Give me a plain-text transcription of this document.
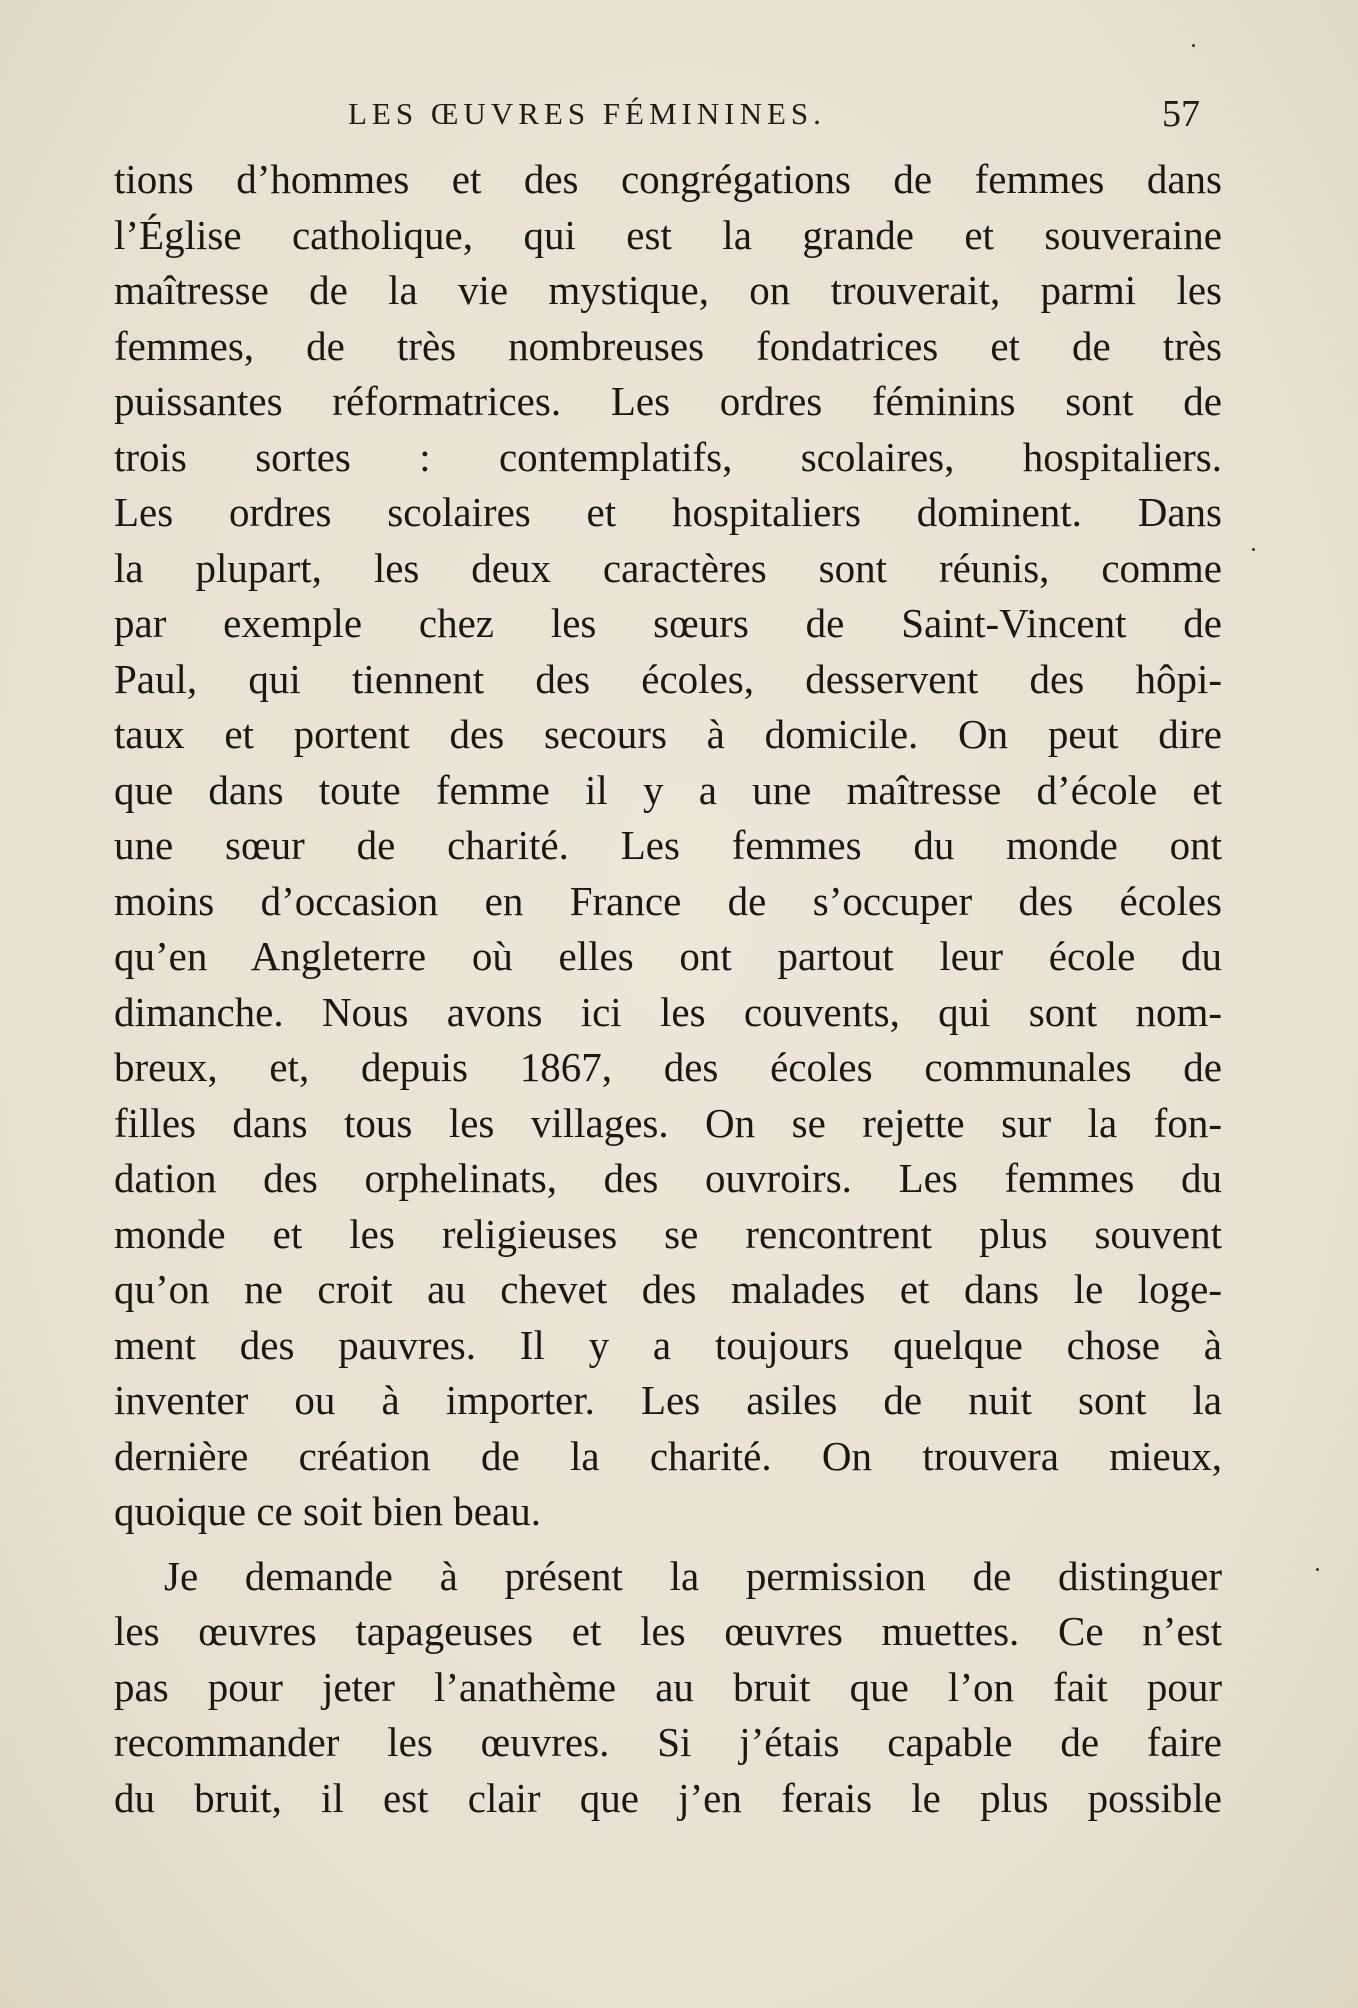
LES ŒUVRES FÉMININES.	57
tions d’hommes et des congrégations de femmes dans
l’Église catholique, qui est la grande et souveraine
maîtresse de la vie mystique, on trouverait, parmi les
femmes, de très nombreuses fondatrices et de très
puissantes réformatrices. Les ordres féminins sont de
trois sortes : contemplatifs, scolaires, hospitaliers.
Les ordres scolaires et hospitaliers dominent. Dans
la plupart, les deux caractères sont réunis, comme
par exemple chez les sœurs de Saint-Vincent de
Paul, qui tiennent des écoles, desservent des hôpi-
taux et portent des secours à domicile. On peut dire
que dans toute femme il y a une maîtresse d’école et
une sœur de charité. Les femmes du monde ont
moins d’occasion en France de s’occuper des écoles
qu’en Angleterre où elles ont partout leur école du
dimanche. Nous avons ici les couvents, qui sont nom-
breux, et, depuis 1867, des écoles communales de
filles dans tous les villages. On se rejette sur la fon-
dation des orphelinats, des ouvroirs. Les femmes du
monde et les religieuses se rencontrent plus souvent
qu’on ne croit au chevet des malades et dans le loge-
ment des pauvres. Il y a toujours quelque chose à
inventer ou à importer. Les asiles de nuit sont la
dernière création de la charité. On trouvera mieux,
quoique ce soit bien beau.
Je demande à présent la permission de distinguer
les œuvres tapageuses et les œuvres muettes. Ce n’est
pas pour jeter l’anathème au bruit que l’on fait pour
recommander les œuvres. Si j’étais capable de faire
du bruit, il est clair que j’en ferais le plus possible
